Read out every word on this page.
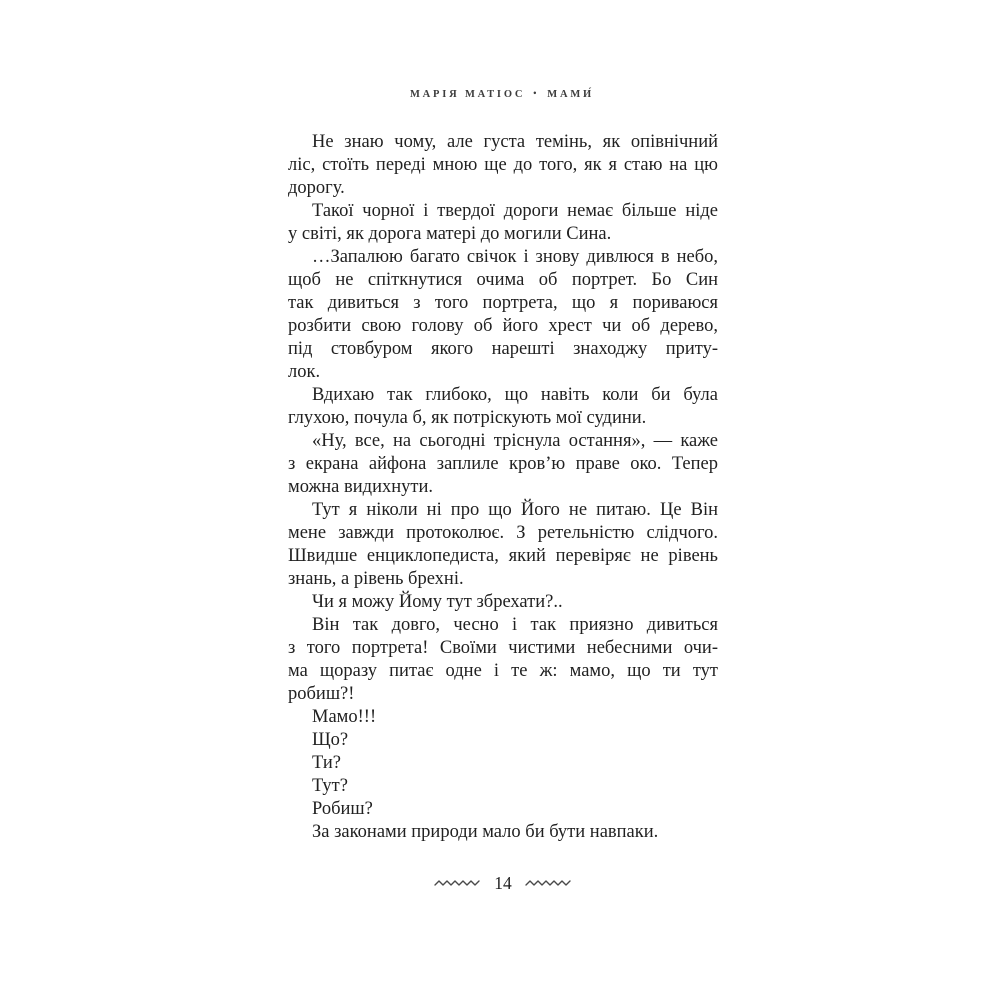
МАРІЯ МАТІОС • МАМИ́
Не знаю чому, але густа темінь, як опівнічний
ліс, стоїть переді мною ще до того, як я стаю на цю
дорогу.
Такої чорної і твердої дороги немає більше ніде
у світі, як дорога матері до могили Сина.
…Запалюю багато свічок і знову дивлюся в небо,
щоб не спіткнутися очима об портрет. Бо Син
так дивиться з того портрета, що я пориваюся
розбити свою голову об його хрест чи об дерево,
під стовбуром якого нарешті знаходжу приту-
лок.
Вдихаю так глибоко, що навіть коли би була
глухою, почула б, як потріскують мої судини.
«Ну, все, на сьогодні тріснула остання», — каже
з екрана айфона заплиле кров’ю праве око. Тепер
можна видихнути.
Тут я ніколи ні про що Його не питаю. Це Він
мене завжди протоколює. З ретельністю слідчого.
Швидше енциклопедиста, який перевіряє не рівень
знань, а рівень брехні.
Чи я можу Йому тут збрехати?..
Він так довго, чесно і так приязно дивиться
з того портрета! Своїми чистими небесними очи-
ма щоразу питає одне і те ж: мамо, що ти тут
робиш?!
Мамо!!!
Що?
Ти?
Тут?
Робиш?
За законами природи мало би бути навпаки.
14
